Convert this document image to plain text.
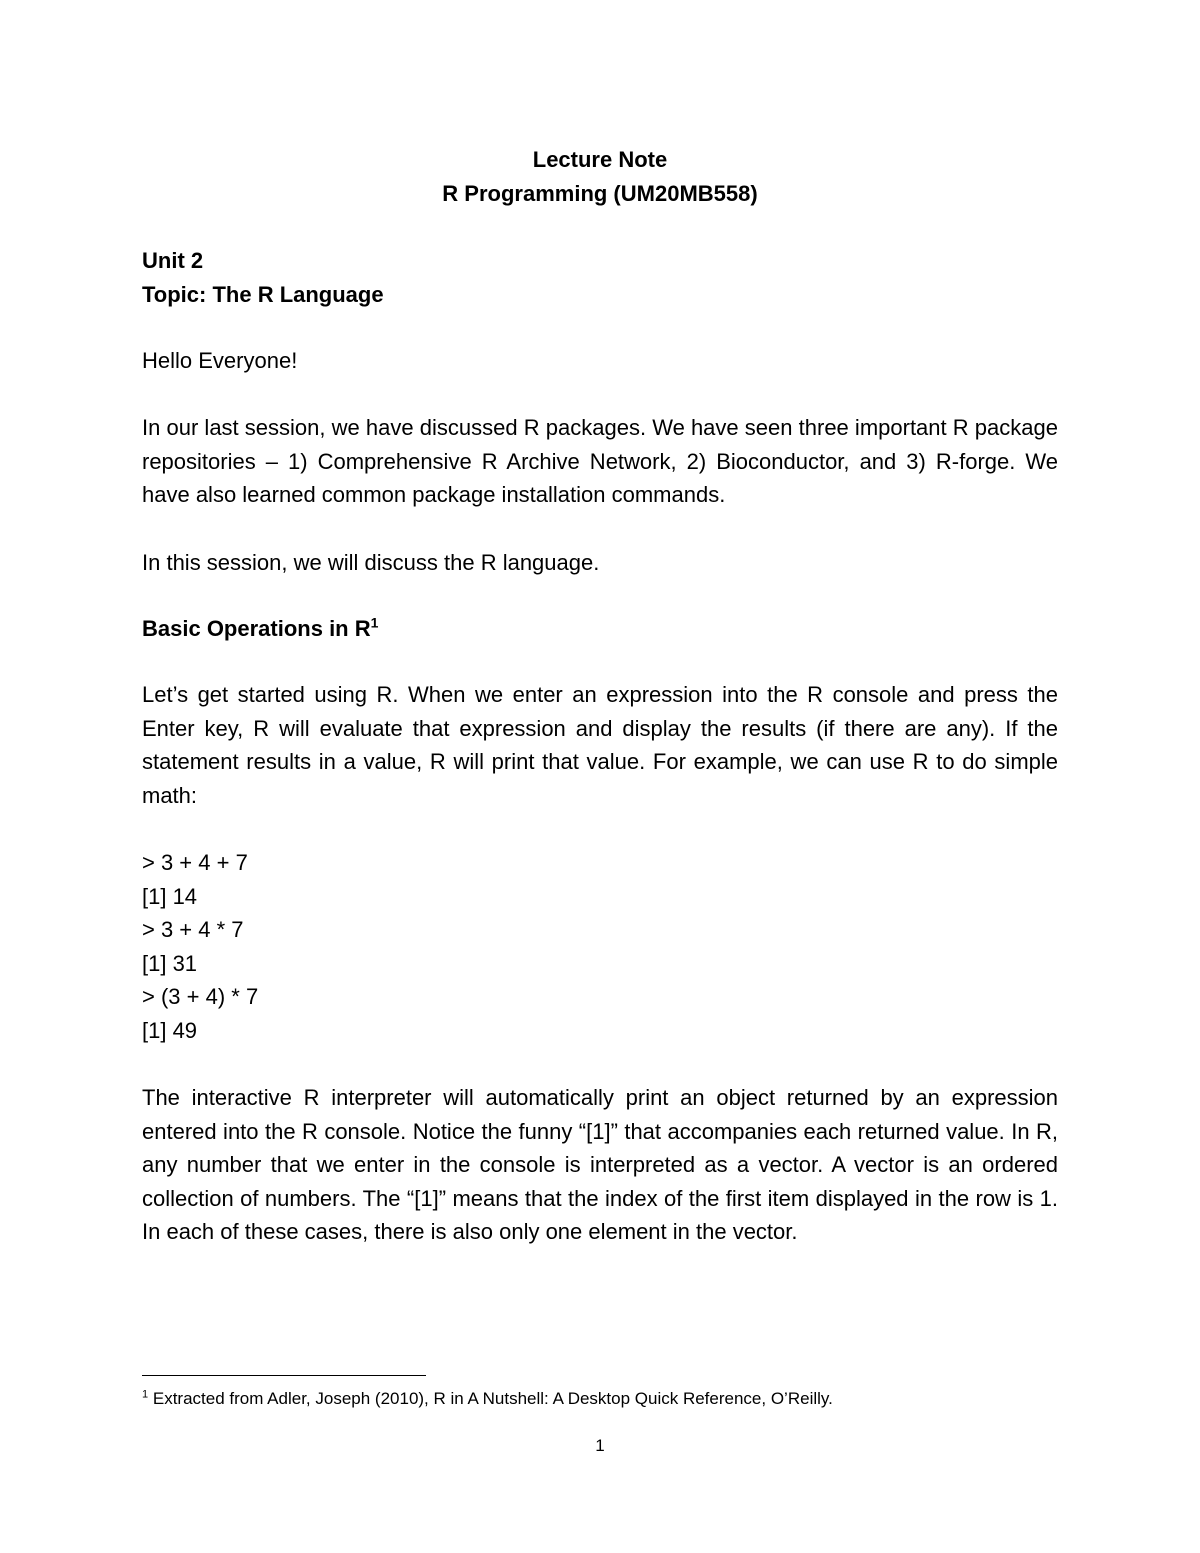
Lecture Note
R Programming (UM20MB558)
Unit 2
Topic: The R Language
Hello Everyone!
In our last session, we have discussed R packages. We have seen three important R package repositories – 1) Comprehensive R Archive Network, 2) Bioconductor, and 3) R-forge. We have also learned common package installation commands.
In this session, we will discuss the R language.
Basic Operations in $R^1$
Let’s get started using R. When we enter an expression into the R console and press the Enter key, R will evaluate that expression and display the results (if there are any). If the statement results in a value, R will print that value. For example, we can use R to do simple math:
> 3 + 4 + 7
[1] 14
> 3 + 4 * 7
[1] 31
> (3 + 4) * 7
[1] 49
The interactive R interpreter will automatically print an object returned by an expression entered into the R console. Notice the funny “[1]” that accompanies each returned value. In R, any number that we enter in the console is interpreted as a vector. A vector is an ordered collection of numbers. The “[1]” means that the index of the first item displayed in the row is 1. In each of these cases, there is also only one element in the vector.
$^1$ Extracted from Adler, Joseph (2010), R in A Nutshell: A Desktop Quick Reference, O’Reilly.
1
